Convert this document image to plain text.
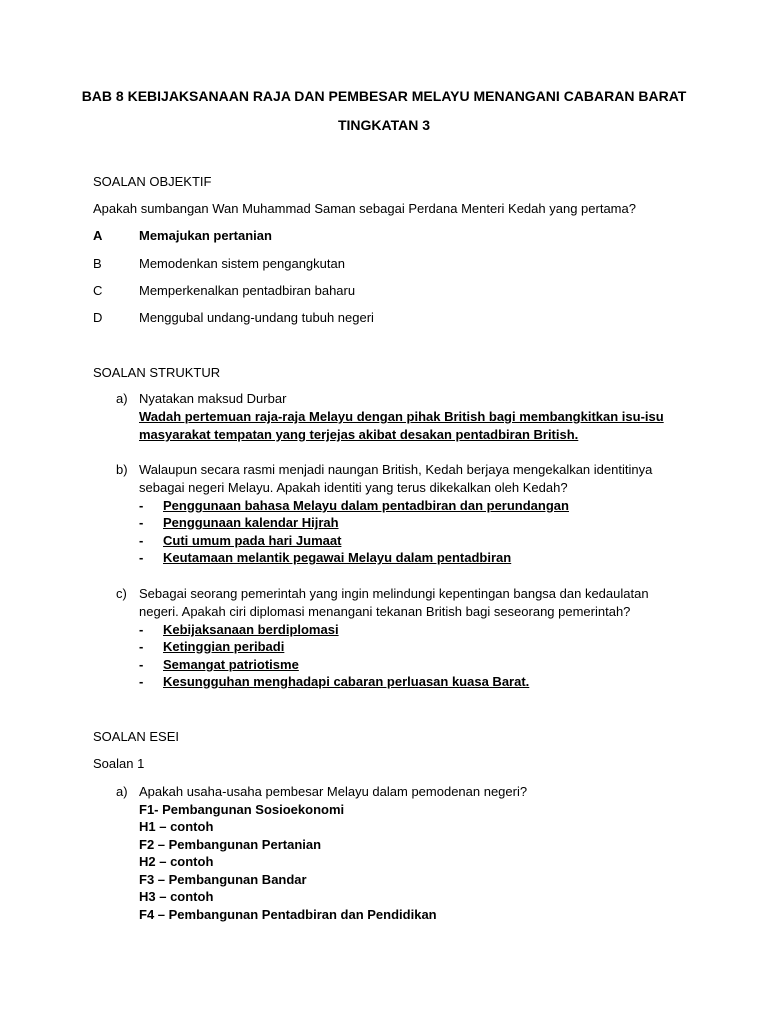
BAB 8 KEBIJAKSANAAN RAJA DAN PEMBESAR MELAYU MENANGANI CABARAN BARAT
TINGKATAN 3
SOALAN OBJEKTIF
Apakah sumbangan Wan Muhammad Saman sebagai Perdana Menteri Kedah yang pertama?
A	Memajukan pertanian
B	Memodenkan sistem pengangkutan
C	Memperkenalkan pentadbiran baharu
D	Menggubal undang-undang tubuh negeri
SOALAN STRUKTUR
a) Nyatakan maksud Durbar
Wadah pertemuan raja-raja Melayu dengan pihak British bagi membangkitkan isu-isu
masyarakat tempatan yang terjejas akibat desakan pentadbiran British.
b) Walaupun secara rasmi menjadi naungan British, Kedah berjaya mengekalkan identitinya
sebagai negeri Melayu. Apakah identiti yang terus dikekalkan oleh Kedah?
- Penggunaan bahasa Melayu dalam pentadbiran dan perundangan
- Penggunaan kalendar Hijrah
- Cuti umum pada hari Jumaat
- Keutamaan melantik pegawai Melayu dalam pentadbiran
c) Sebagai seorang pemerintah yang ingin melindungi kepentingan bangsa dan kedaulatan
negeri. Apakah ciri diplomasi menangani tekanan British bagi seseorang pemerintah?
- Kebijaksanaan berdiplomasi
- Ketinggian peribadi
- Semangat patriotisme
- Kesungguhan menghadapi cabaran perluasan kuasa Barat.
SOALAN ESEI
Soalan 1
a) Apakah usaha-usaha pembesar Melayu dalam pemodenan negeri?
F1- Pembangunan Sosioekonomi
H1 – contoh
F2 – Pembangunan Pertanian
H2 – contoh
F3 – Pembangunan Bandar
H3 – contoh
F4 – Pembangunan Pentadbiran dan Pendidikan
